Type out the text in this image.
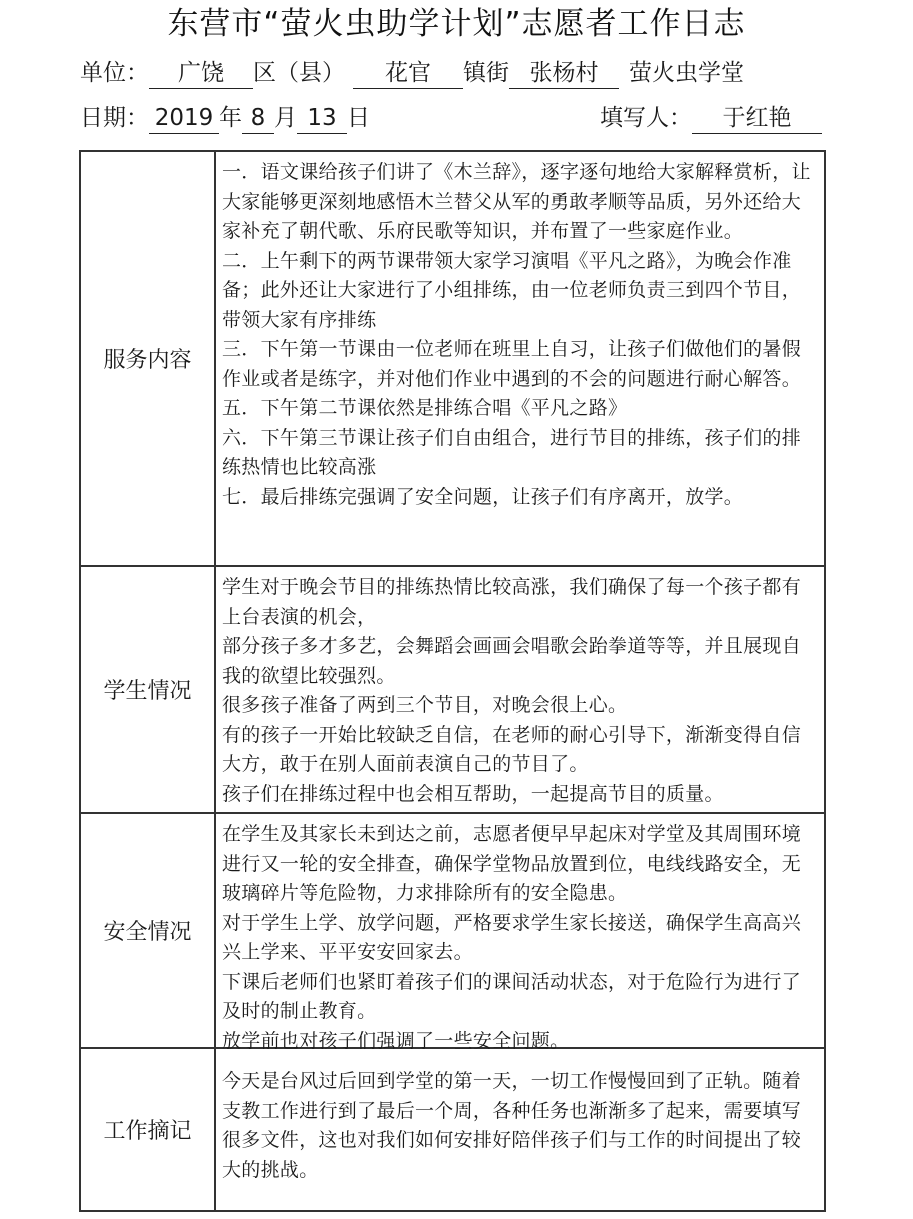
东营市“萤火虫助学计划”志愿者工作日志
单位： 广饶 区（县） 花官 镇街 张杨村 萤火虫学堂
日期： 2019 年 8 月 13 日	填写人： 于红艳
服务内容

一．语文课给孩子们讲了《木兰辞》，逐字逐句地给大家解释赏析，让大家能够更深刻地感悟木兰替父从军的勇敢孝顺等品质，另外还给大家补充了朝代歌、乐府民歌等知识，并布置了一些家庭作业。

二．上午剩下的两节课带领大家学习演唱《平凡之路》，为晚会作准备；此外还让大家进行了小组排练，由一位老师负责三到四个节目，带领大家有序排练

三．下午第一节课由一位老师在班里上自习，让孩子们做他们的暑假作业或者是练字，并对他们作业中遇到的不会的问题进行耐心解答。

五．下午第二节课依然是排练合唱《平凡之路》

六．下午第三节课让孩子们自由组合，进行节目的排练，孩子们的排练热情也比较高涨

七．最后排练完强调了安全问题，让孩子们有序离开，放学。

学生情况

学生对于晚会节目的排练热情比较高涨，我们确保了每一个孩子都有上台表演的机会，

部分孩子多才多艺，会舞蹈会画画会唱歌会跆拳道等等，并且展现自我的欲望比较强烈。

很多孩子准备了两到三个节目，对晚会很上心。

有的孩子一开始比较缺乏自信，在老师的耐心引导下，渐渐变得自信大方，敢于在别人面前表演自己的节目了。

孩子们在排练过程中也会相互帮助，一起提高节目的质量。

安全情况

在学生及其家长未到达之前，志愿者便早早起床对学堂及其周围环境进行又一轮的安全排查，确保学堂物品放置到位，电线线路安全，无玻璃碎片等危险物，力求排除所有的安全隐患。

对于学生上学、放学问题，严格要求学生家长接送，确保学生高高兴兴上学来、平平安安回家去。

下课后老师们也紧盯着孩子们的课间活动状态，对于危险行为进行了及时的制止教育。

放学前也对孩子们强调了一些安全问题。

工作摘记

今天是台风过后回到学堂的第一天，一切工作慢慢回到了正轨。随着支教工作进行到了最后一个周，各种任务也渐渐多了起来，需要填写很多文件，这也对我们如何安排好陪伴孩子们与工作的时间提出了较大的挑战。
